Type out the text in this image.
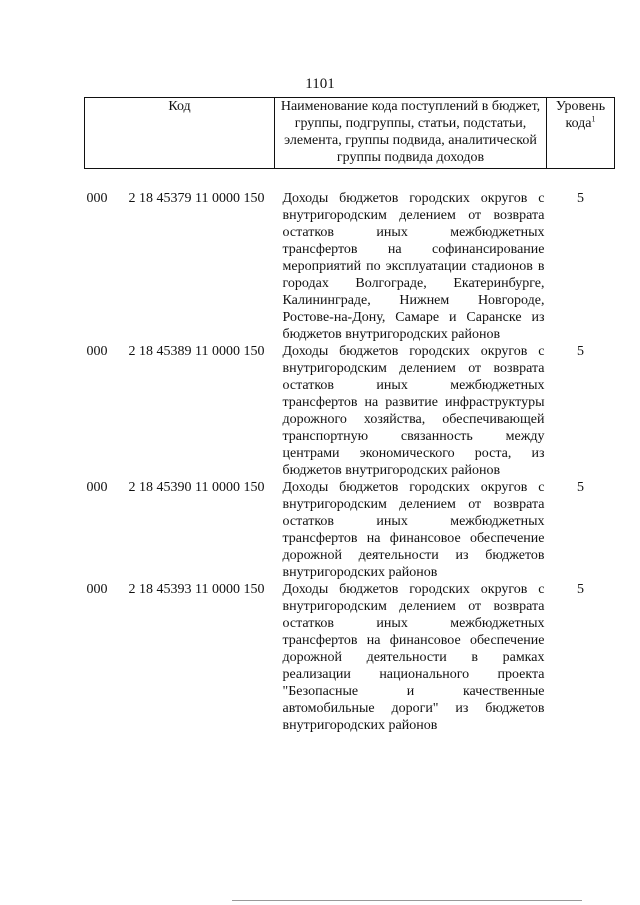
1101
Код	Наименование кода поступлений в бюджет, группы, подгруппы, статьи, подстатьи, элемента, группы подвида, аналитической группы подвида доходов	Уровень кода$^1$

000 2 18 45379 11 0000 150	Доходы бюджетов городских округов с внутригородским делением от возврата остатков иных межбюджетных трансфертов на софинансирование мероприятий по эксплуатации стадионов в городах Волгограде, Екатеринбурге, Калининграде, Нижнем Новгороде, Ростове-на-Дону, Самаре и Саранске из бюджетов внутригородских районов	5
000 2 18 45389 11 0000 150	Доходы бюджетов городских округов с внутригородским делением от возврата остатков иных межбюджетных трансфертов на развитие инфраструктуры дорожного хозяйства, обеспечивающей транспортную связанность между центрами экономического роста, из бюджетов внутригородских районов	5
000 2 18 45390 11 0000 150	Доходы бюджетов городских округов с внутригородским делением от возврата остатков иных межбюджетных трансфертов на финансовое обеспечение дорожной деятельности из бюджетов внутригородских районов	5
000 2 18 45393 11 0000 150	Доходы бюджетов городских округов с внутригородским делением от возврата остатков иных межбюджетных трансфертов на финансовое обеспечение дорожной деятельности в рамках реализации национального проекта "Безопасные и качественные автомобильные дороги" из бюджетов внутригородских районов	5
